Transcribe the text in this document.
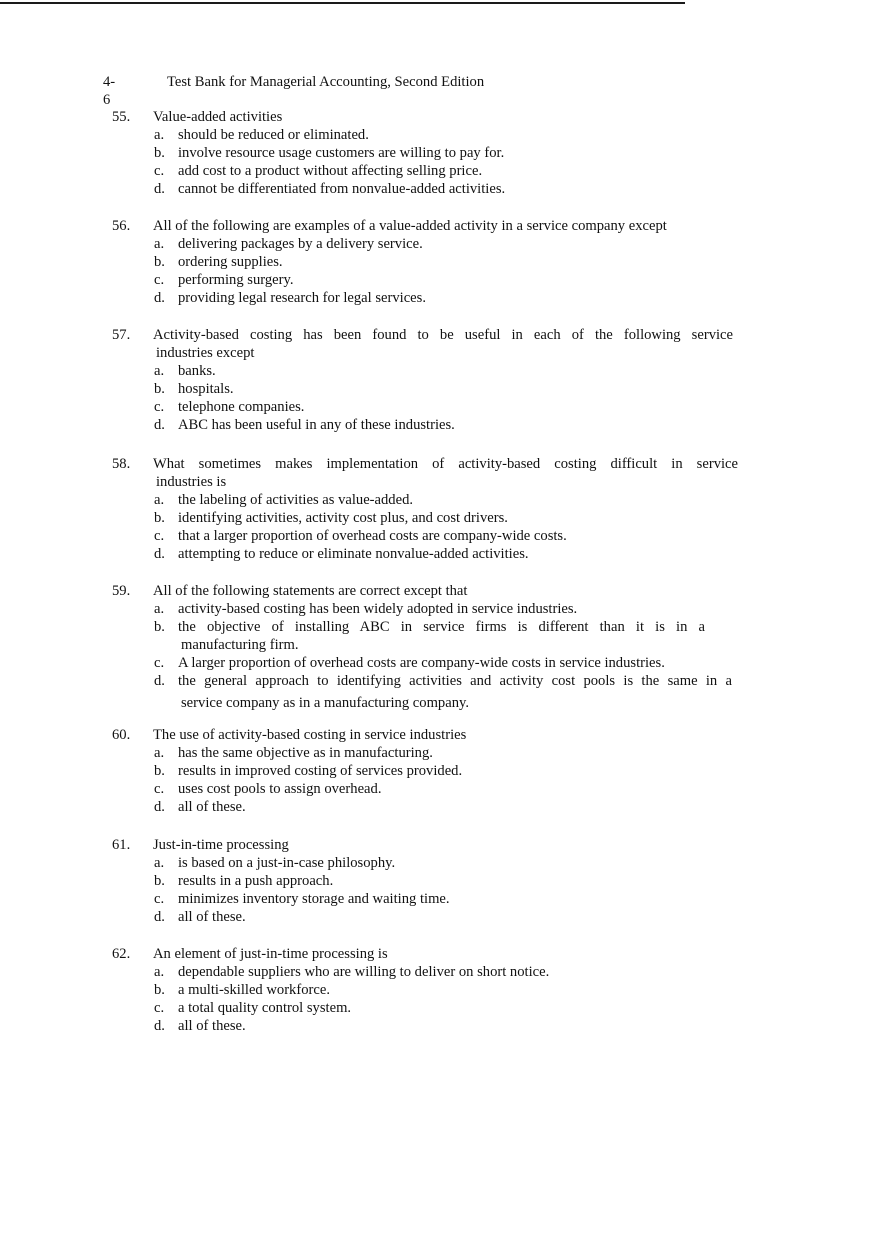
4-6
Test Bank for Managerial Accounting, Second Edition
55. Value-added activities
a. should be reduced or eliminated.
b. involve resource usage customers are willing to pay for.
c. add cost to a product without affecting selling price.
d. cannot be differentiated from nonvalue-added activities.
56. All of the following are examples of a value-added activity in a service company except
a. delivering packages by a delivery service.
b. ordering supplies.
c. performing surgery.
d. providing legal research for legal services.
57. Activity-based costing has been found to be useful in each of the following service
industries except
a. banks.
b. hospitals.
c. telephone companies.
d. ABC has been useful in any of these industries.
58. What sometimes makes implementation of activity-based costing difficult in service
industries is
a. the labeling of activities as value-added.
b. identifying activities, activity cost plus, and cost drivers.
c. that a larger proportion of overhead costs are company-wide costs.
d. attempting to reduce or eliminate nonvalue-added activities.
59. All of the following statements are correct except that
a. activity-based costing has been widely adopted in service industries.
b. the objective of installing ABC in service firms is different than it is in a
manufacturing firm.
c. A larger proportion of overhead costs are company-wide costs in service industries.
d. the general approach to identifying activities and activity cost pools is the same in a
service company as in a manufacturing company.
60. The use of activity-based costing in service industries
a. has the same objective as in manufacturing.
b. results in improved costing of services provided.
c. uses cost pools to assign overhead.
d. all of these.
61. Just-in-time processing
a. is based on a just-in-case philosophy.
b. results in a push approach.
c. minimizes inventory storage and waiting time.
d. all of these.
62. An element of just-in-time processing is
a. dependable suppliers who are willing to deliver on short notice.
b. a multi-skilled workforce.
c. a total quality control system.
d. all of these.
